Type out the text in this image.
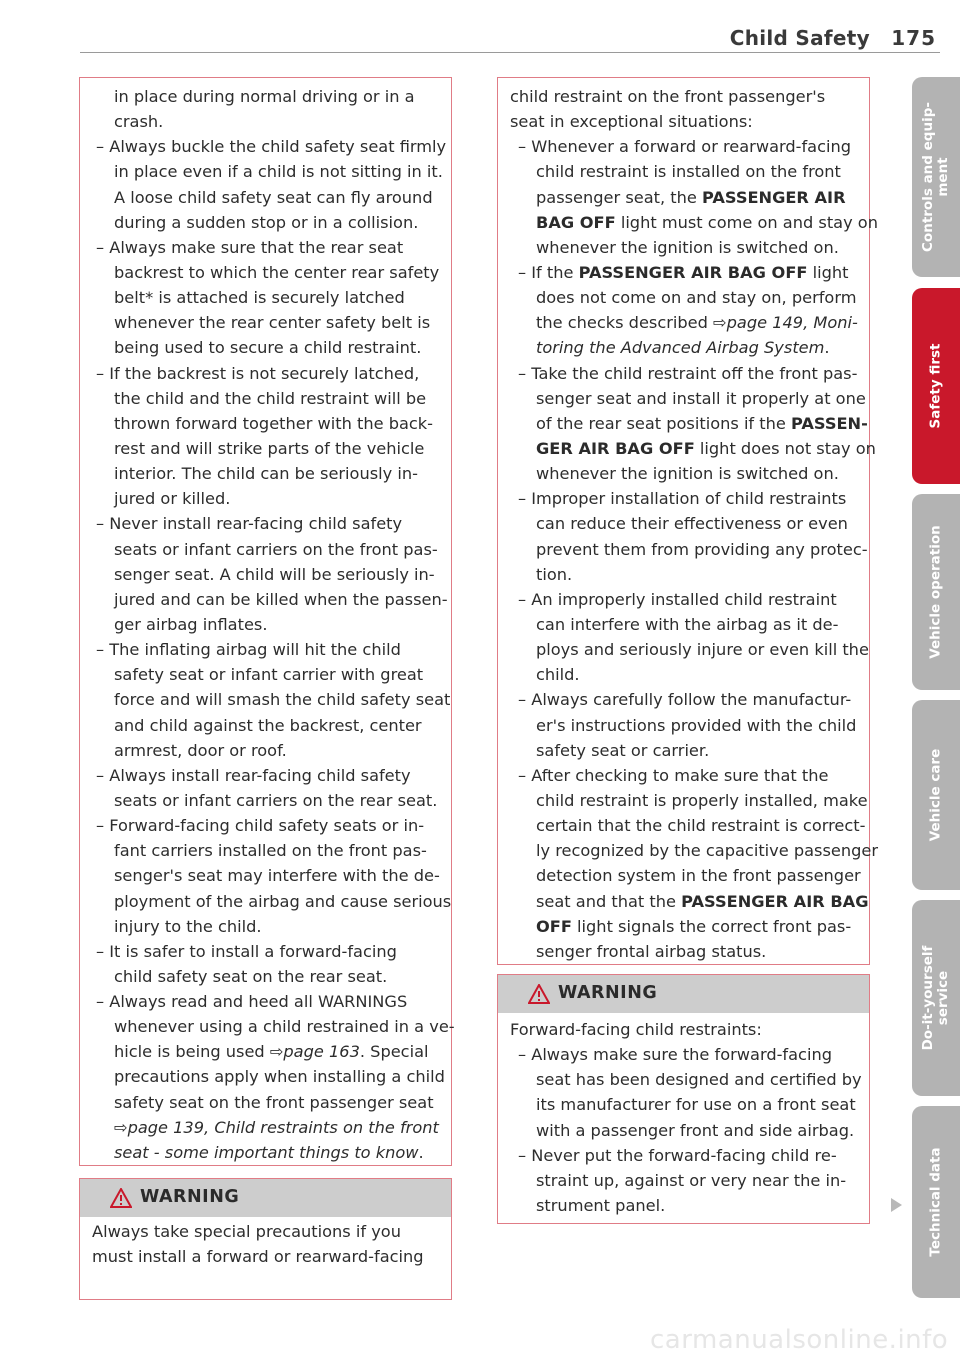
Child Safety 175
in place during normal driving or in a
crash.
– Always buckle the child safety seat firmly
in place even if a child is not sitting in it.
A loose child safety seat can fly around
during a sudden stop or in a collision.
– Always make sure that the rear seat
backrest to which the center rear safety
belt* is attached is securely latched
whenever the rear center safety belt is
being used to secure a child restraint.
– If the backrest is not securely latched,
the child and the child restraint will be
thrown forward together with the back-
rest and will strike parts of the vehicle
interior. The child can be seriously in-
jured or killed.
– Never install rear-facing child safety
seats or infant carriers on the front pas-
senger seat. A child will be seriously in-
jured and can be killed when the passen-
ger airbag inflates.
– The inflating airbag will hit the child
safety seat or infant carrier with great
force and will smash the child safety seat
and child against the backrest, center
armrest, door or roof.
– Always install rear-facing child safety
seats or infant carriers on the rear seat.
– Forward-facing child safety seats or in-
fant carriers installed on the front pas-
senger's seat may interfere with the de-
ployment of the airbag and cause serious
injury to the child.
– It is safer to install a forward-facing
child safety seat on the rear seat.
– Always read and heed all WARNINGS
whenever using a child restrained in a ve-
hicle is being used ⇨page 163. Special
precautions apply when installing a child
safety seat on the front passenger seat
⇨page 139, Child restraints on the front
seat - some important things to know.
WARNING
Always take special precautions if you
must install a forward or rearward-facing
child restraint on the front passenger's
seat in exceptional situations:
– Whenever a forward or rearward-facing
child restraint is installed on the front
passenger seat, the PASSENGER AIR
BAG OFF light must come on and stay on
whenever the ignition is switched on.
– If the PASSENGER AIR BAG OFF light
does not come on and stay on, perform
the checks described ⇨page 149, Moni-
toring the Advanced Airbag System.
– Take the child restraint off the front pas-
senger seat and install it properly at one
of the rear seat positions if the PASSEN-
GER AIR BAG OFF light does not stay on
whenever the ignition is switched on.
– Improper installation of child restraints
can reduce their effectiveness or even
prevent them from providing any protec-
tion.
– An improperly installed child restraint
can interfere with the airbag as it de-
ploys and seriously injure or even kill the
child.
– Always carefully follow the manufactur-
er's instructions provided with the child
safety seat or carrier.
– After checking to make sure that the
child restraint is properly installed, make
certain that the child restraint is correct-
ly recognized by the capacitive passenger
detection system in the front passenger
seat and that the PASSENGER AIR BAG
OFF light signals the correct front pas-
senger frontal airbag status.
WARNING
Forward-facing child restraints:
– Always make sure the forward-facing
seat has been designed and certified by
its manufacturer for use on a front seat
with a passenger front and side airbag.
– Never put the forward-facing child re-
straint up, against or very near the in-
strument panel.
Controls and equip-
ment
Safety first
Vehicle operation
Vehicle care
Do-it-yourself
service
Technical data
carmanualsonline.info
